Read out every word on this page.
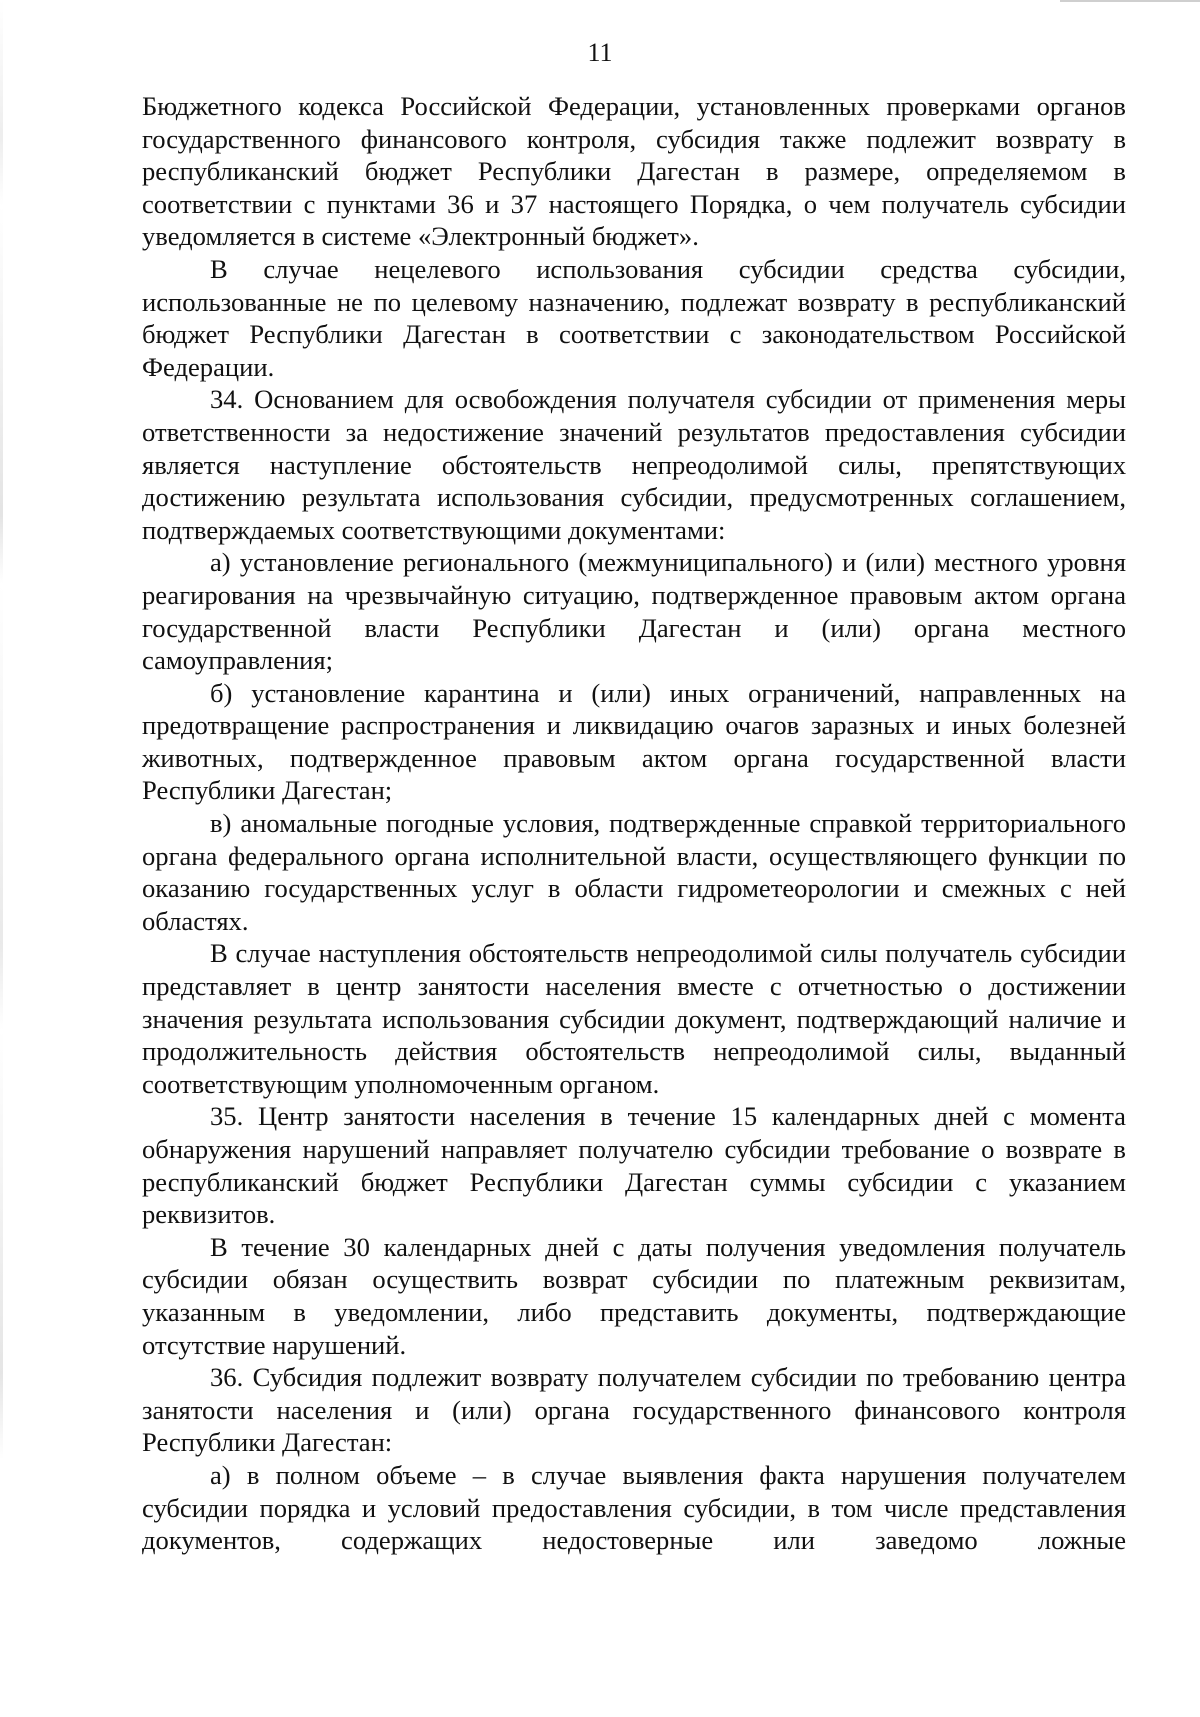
11

Бюджетного кодекса Российской Федерации, установленных проверками органов государственного финансового контроля, субсидия также подлежит возврату в республиканский бюджет Республики Дагестан в размере, определяемом в соответствии с пунктами 36 и 37 настоящего Порядка, о чем получатель субсидии уведомляется в системе «Электронный бюджет».

В случае нецелевого использования субсидии средства субсидии, использованные не по целевому назначению, подлежат возврату в республиканский бюджет Республики Дагестан в соответствии с законодательством Российской Федерации.

34. Основанием для освобождения получателя субсидии от применения меры ответственности за недостижение значений результатов предоставления субсидии является наступление обстоятельств непреодолимой силы, препятствующих достижению результата использования субсидии, предусмотренных соглашением, подтверждаемых соответствующими документами:

а) установление регионального (межмуниципального) и (или) местного уровня реагирования на чрезвычайную ситуацию, подтвержденное правовым актом органа государственной власти Республики Дагестан и (или) органа местного самоуправления;

б) установление карантина и (или) иных ограничений, направленных на предотвращение распространения и ликвидацию очагов заразных и иных болезней животных, подтвержденное правовым актом органа государственной власти Республики Дагестан;

в) аномальные погодные условия, подтвержденные справкой территориального органа федерального органа исполнительной власти, осуществляющего функции по оказанию государственных услуг в области гидрометеорологии и смежных с ней областях.

В случае наступления обстоятельств непреодолимой силы получатель субсидии представляет в центр занятости населения вместе с отчетностью о достижении значения результата использования субсидии документ, подтверждающий наличие и продолжительность действия обстоятельств непреодолимой силы, выданный соответствующим уполномоченным органом.

35. Центр занятости населения в течение 15 календарных дней с момента обнаружения нарушений направляет получателю субсидии требование о возврате в республиканский бюджет Республики Дагестан суммы субсидии с указанием реквизитов.

В течение 30 календарных дней с даты получения уведомления получатель субсидии обязан осуществить возврат субсидии по платежным реквизитам, указанным в уведомлении, либо представить документы, подтверждающие отсутствие нарушений.

36. Субсидия подлежит возврату получателем субсидии по требованию центра занятости населения и (или) органа государственного финансового контроля Республики Дагестан:

а) в полном объеме – в случае выявления факта нарушения получателем субсидии порядка и условий предоставления субсидии, в том числе представления документов, содержащих недостоверные или заведомо ложные
